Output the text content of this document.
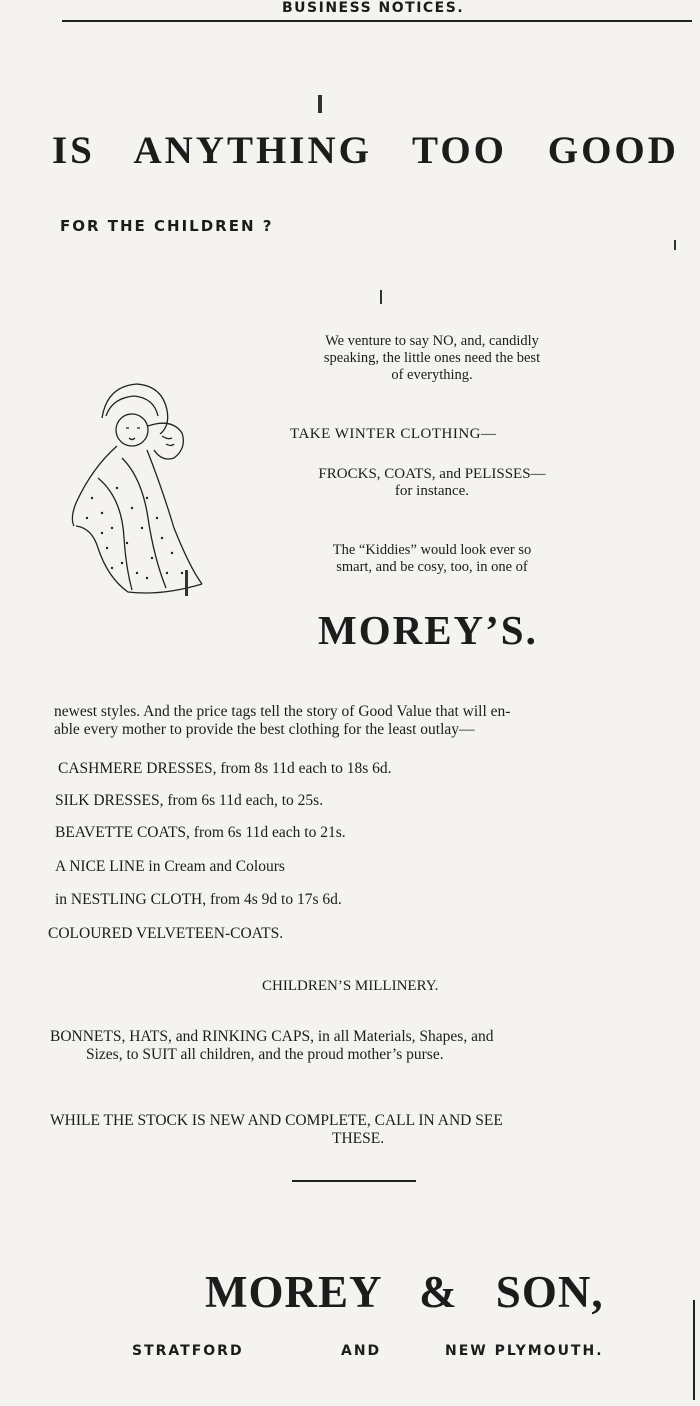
BUSINESS NOTICES.
IS ANYTHING TOO GOOD
FOR THE CHILDREN ?
We venture to say NO, and, candidly
speaking, the little ones need the best
of everything.
TAKE WINTER CLOTHING—
FROCKS, COATS, and PELISSES—
for instance.
The “Kiddies” would look ever so
smart, and be cosy, too, in one of
MOREY’S.
newest styles. And the price tags tell the story of Good Value that will en-
able every mother to provide the best clothing for the least outlay—
CASHMERE DRESSES, from 8s 11d each to 18s 6d.
SILK DRESSES, from 6s 11d each, to 25s.
BEAVETTE COATS, from 6s 11d each to 21s.
A NICE LINE in Cream and Colours
in NESTLING CLOTH, from 4s 9d to 17s 6d.
COLOURED VELVETEEN-COATS.
CHILDREN’S MILLINERY.
BONNETS, HATS, and RINKING CAPS, in all Materials, Shapes, and
Sizes, to SUIT all children, and the proud mother’s purse.
WHILE THE STOCK IS NEW AND COMPLETE, CALL IN AND SEE
THESE.
MOREY & SON,
STRATFORD	AND	NEW PLYMOUTH.
